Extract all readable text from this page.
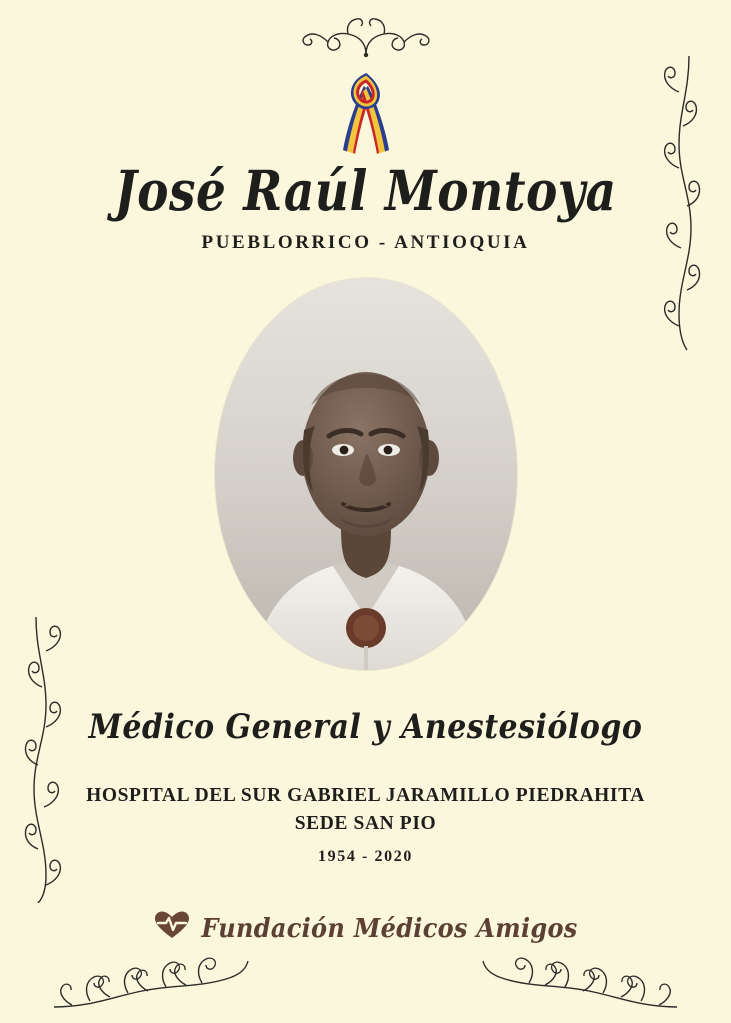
José Raúl Montoya
PUEBLORRICO - ANTIOQUIA
Médico General y Anestesiólogo
HOSPITAL DEL SUR GABRIEL JARAMILLO PIEDRAHITA
SEDE SAN PIO
1954 - 2020
Fundación Médicos Amigos
